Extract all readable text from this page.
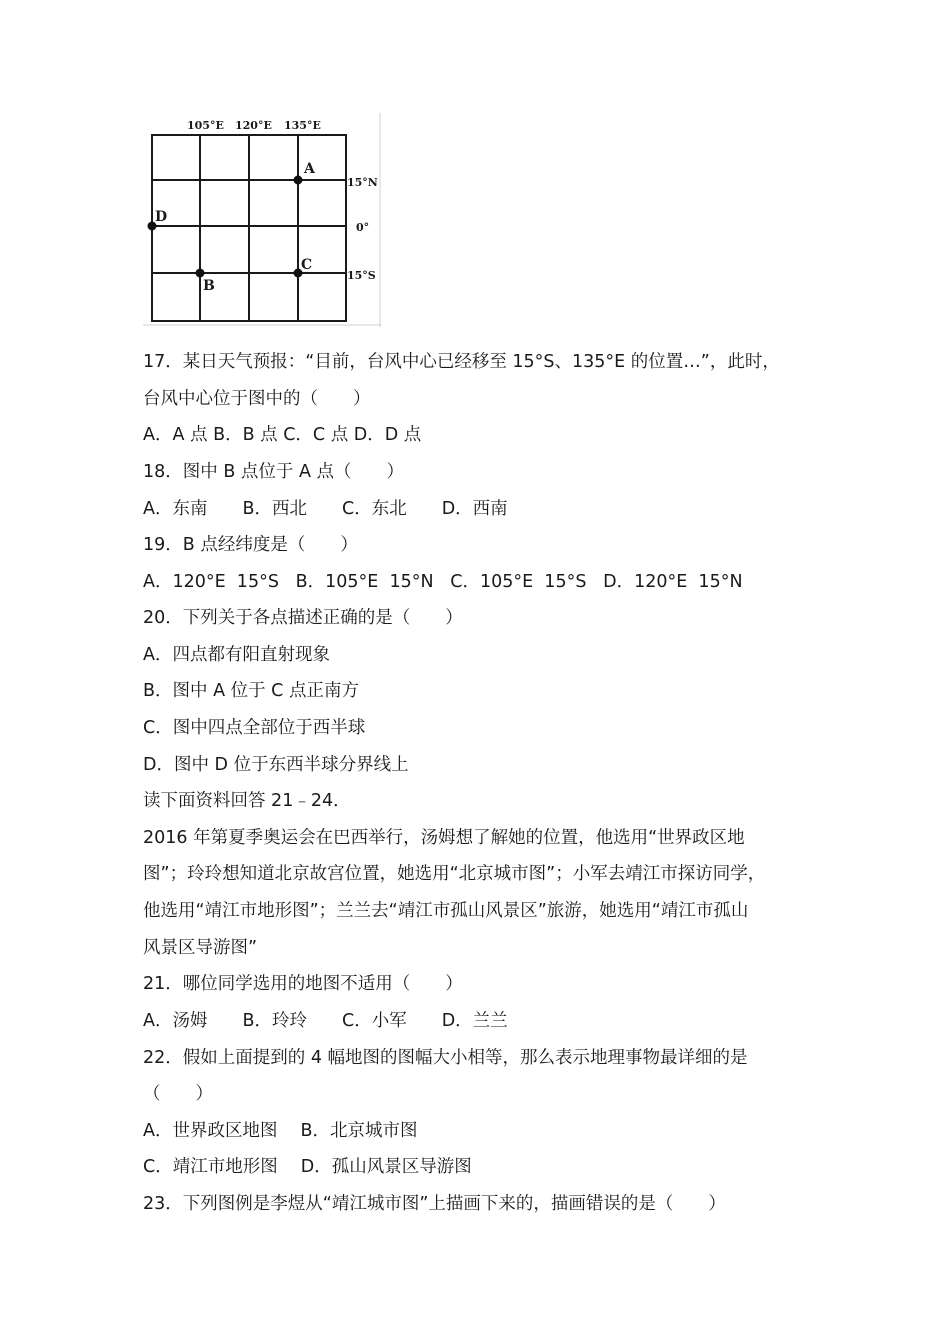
105°E 120°E 135°E
15°N
0°
15°S
A
B
C
D
17．某日天气预报：“目前，台风中心已经移至 15°S、135°E 的位置…”，此时，
台风中心位于图中的（　　）
A．A 点 B．B 点 C．C 点 D．D 点
18．图中 B 点位于 A 点（　　）
A．东南　　B．西北　　C．东北　　D．西南
19．B 点经纬度是（　　）
A．120°E  15°S   B．105°E  15°N   C．105°E  15°S   D．120°E  15°N
20．下列关于各点描述正确的是（　　）
A．四点都有阳直射现象
B．图中 A 位于 C 点正南方
C．图中四点全部位于西半球
D．图中 D 位于东西半球分界线上
读下面资料回答 21﹣24．
2016 年第夏季奥运会在巴西举行，汤姆想了解她的位置，他选用“世界政区地
图”；玲玲想知道北京故宫位置，她选用“北京城市图”；小军去靖江市探访同学，
他选用“靖江市地形图”；兰兰去“靖江市孤山风景区”旅游，她选用“靖江市孤山
风景区导游图”
21．哪位同学选用的地图不适用（　　）
A．汤姆　　B．玲玲　　C．小军　　D．兰兰
22．假如上面提到的 4 幅地图的图幅大小相等，那么表示地理事物最详细的是
（　　）
A．世界政区地图　 B．北京城市图
C．靖江市地形图　 D．孤山风景区导游图
23．下列图例是李煜从“靖江城市图”上描画下来的，描画错误的是（　　）
